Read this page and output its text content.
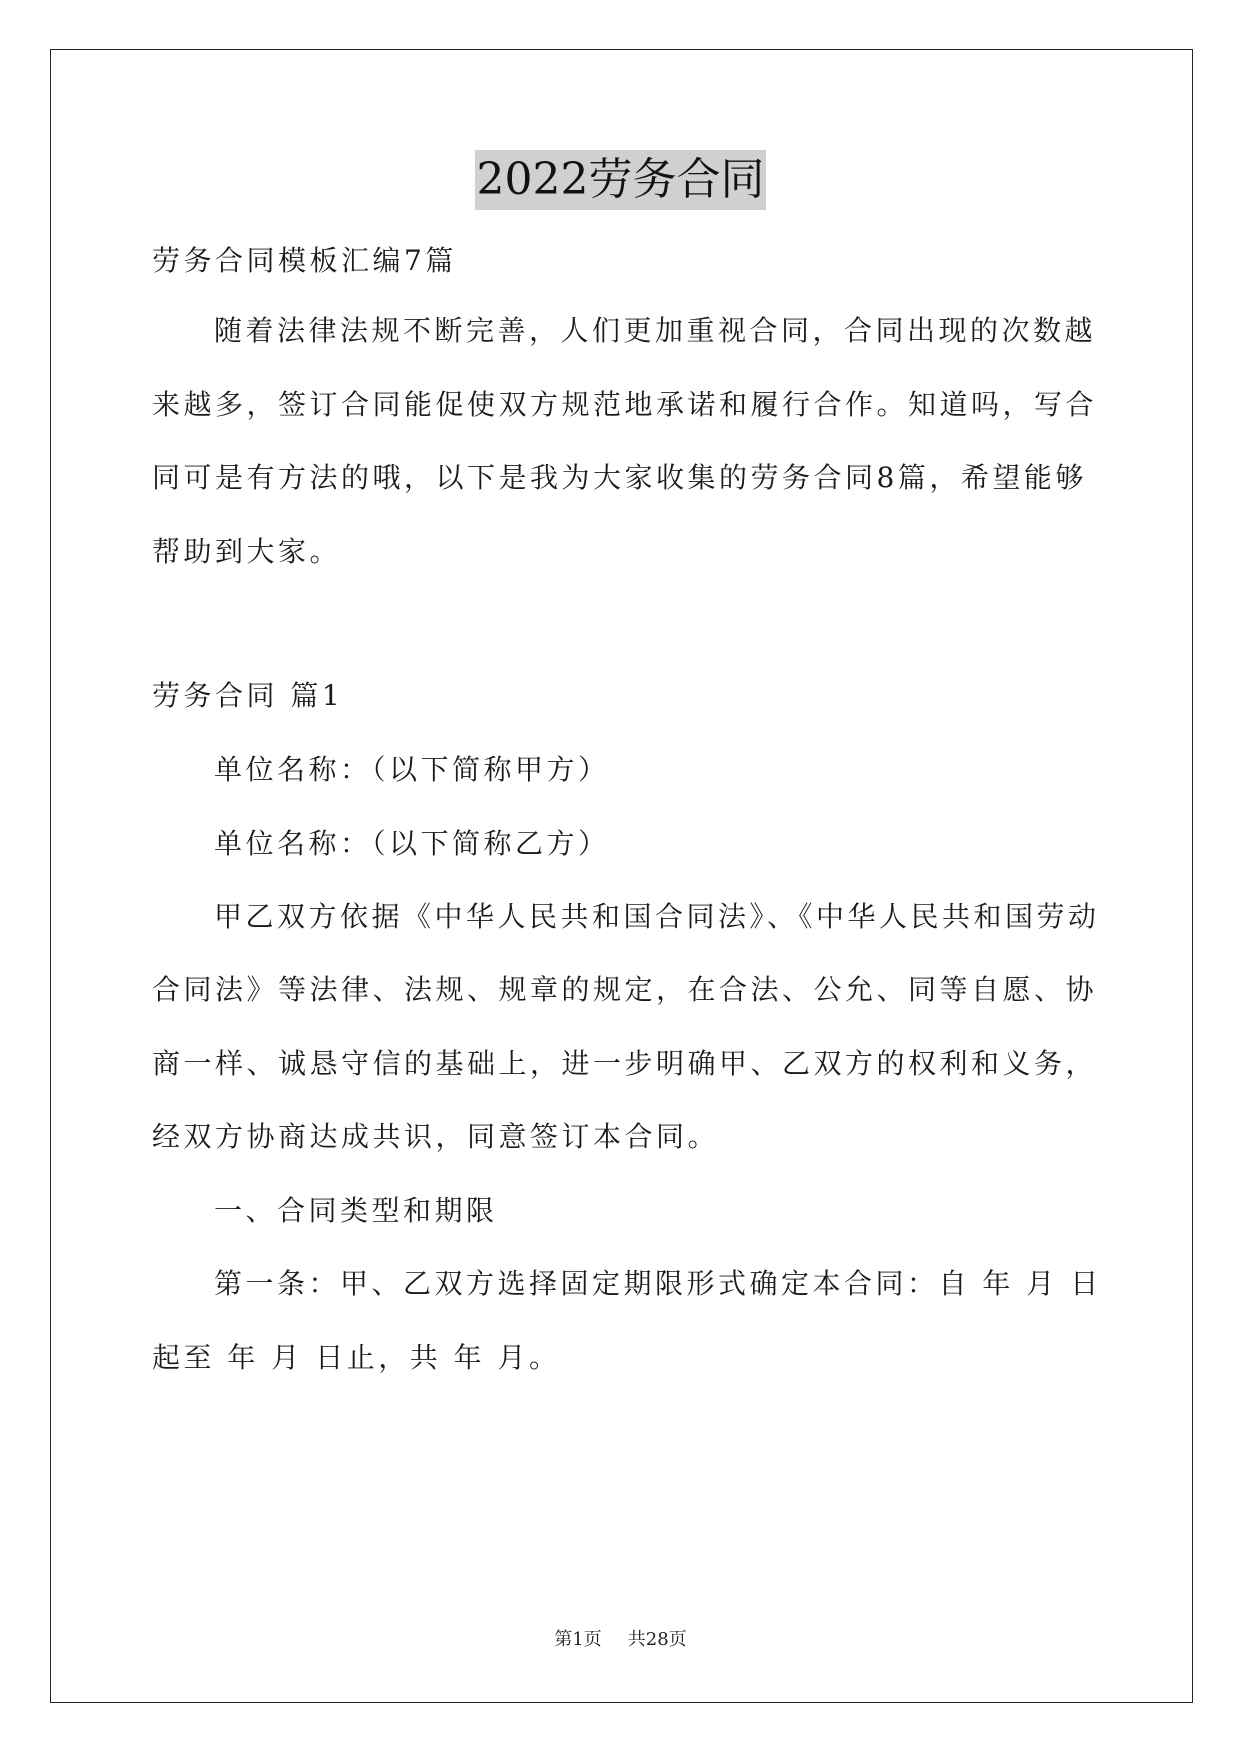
2022劳务合同
劳务合同模板汇编7篇
随着法律法规不断完善，人们更加重视合同，合同出现的次数越
来越多，签订合同能促使双方规范地承诺和履行合作。知道吗，写合
同可是有方法的哦，以下是我为大家收集的劳务合同8篇，希望能够
帮助到大家。
劳务合同 篇1
单位名称：（以下简称甲方）
单位名称：（以下简称乙方）
甲乙双方依据《中华人民共和国合同法》、《中华人民共和国劳动
合同法》等法律、法规、规章的规定，在合法、公允、同等自愿、协
商一样、诚恳守信的基础上，进一步明确甲、乙双方的权利和义务，
经双方协商达成共识，同意签订本合同。
一、合同类型和期限
第一条：甲、乙双方选择固定期限形式确定本合同：自 年 月 日
起至 年 月 日止，共 年 月。
第1页 共28页
